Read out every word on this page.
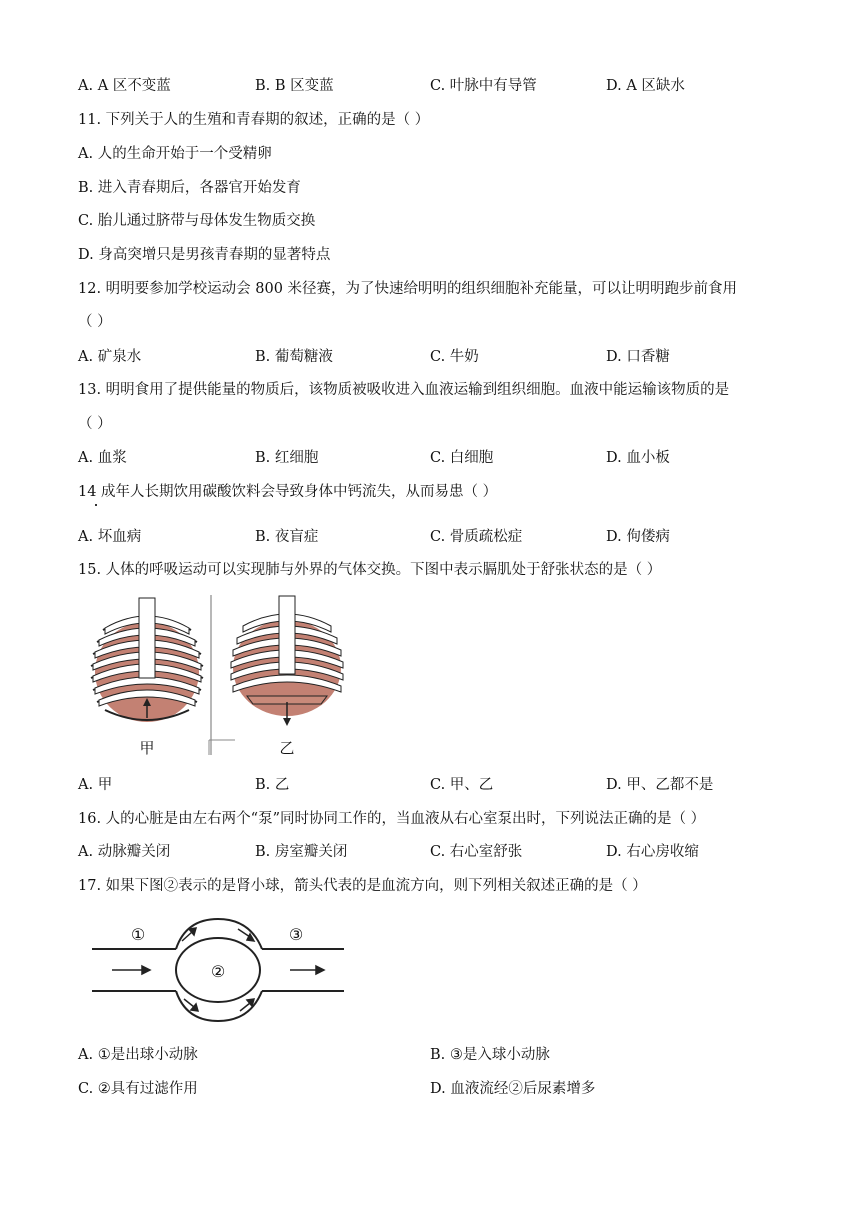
A. A 区不变蓝	B. B 区变蓝	C. 叶脉中有导管	D. A 区缺水
11. 下列关于人的生殖和青春期的叙述，正确的是（ ）
A. 人的生命开始于一个受精卵
B. 进入青春期后，各器官开始发育
C. 胎儿通过脐带与母体发生物质交换
D. 身高突增只是男孩青春期的显著特点
12. 明明要参加学校运动会 800 米径赛，为了快速给明明的组织细胞补充能量，可以让明明跑步前食用
（ ）
A. 矿泉水	B. 葡萄糖液	C. 牛奶	D. 口香糖
13. 明明食用了提供能量的物质后，该物质被吸收进入血液运输到组织细胞。血液中能运输该物质的是
（ ）
A. 血浆	B. 红细胞	C. 白细胞	D. 血小板
14 成年人长期饮用碳酸饮料会导致身体中钙流失，从而易患（ ）
A. 坏血病	B. 夜盲症	C. 骨质疏松症	D. 佝偻病
15. 人体的呼吸运动可以实现肺与外界的气体交换。下图中表示膈肌处于舒张状态的是（ ）
甲	乙
A. 甲	B. 乙	C. 甲、乙	D. 甲、乙都不是
16. 人的心脏是由左右两个“泵”同时协同工作的，当血液从右心室泵出时，下列说法正确的是（ ）
A. 动脉瓣关闭	B. 房室瓣关闭	C. 右心室舒张	D. 右心房收缩
17. 如果下图②表示的是肾小球，箭头代表的是血流方向，则下列相关叙述正确的是（ ）
①
②
③
A. ①是出球小动脉	B. ③是入球小动脉
C. ②具有过滤作用	D. 血液流经②后尿素增多
